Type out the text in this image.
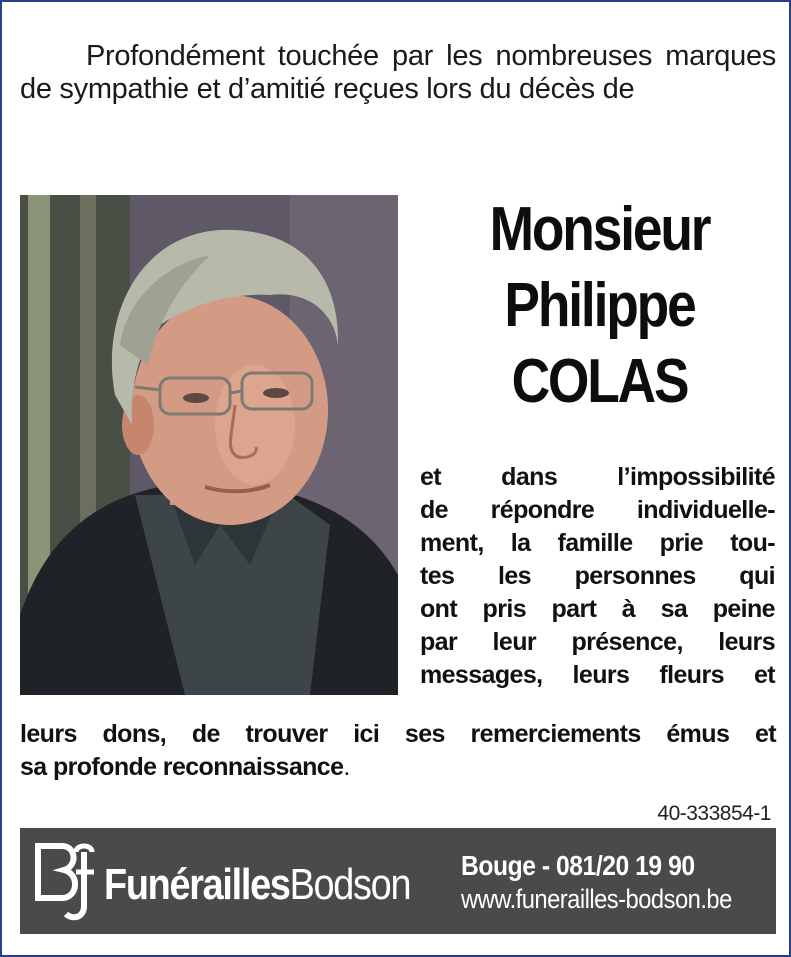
Profondément touchée par les nombreuses marques de sympathie et d’amitié reçues lors du décès de

Monsieur
Philippe
COLAS
et dans l’impossibilité
de répondre individuelle-
ment, la famille prie tou-
tes les personnes qui
ont pris part à sa peine
par leur présence, leurs
messages, leurs fleurs et
leurs dons, de trouver ici ses remerciements émus et
sa profonde reconnaissance.
40-333854-1
FunéraillesBodson Bouge - 081/20 19 90
www.funerailles-bodson.be
